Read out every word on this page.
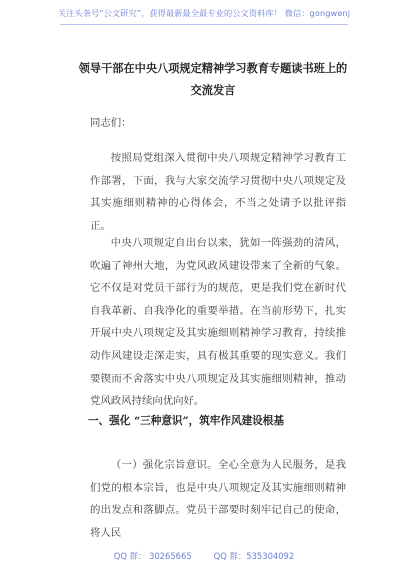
关注头条号“公文研究”，获得最新最全最专业的公文资料库！ 微信：gongwenj
领导干部在中央八项规定精神学习教育专题读书班上的交流发言
同志们：
按照局党组深入贯彻中央八项规定精神学习教育工作部署，下面，我与大家交流学习贯彻中央八项规定及其实施细则精神的心得体会，不当之处请予以批评指正。
中央八项规定自出台以来，犹如一阵强劲的清风，吹遍了神州大地，为党风政风建设带来了全新的气象。它不仅是对党员干部行为的规范，更是我们党在新时代自我革新、自我净化的重要举措。在当前形势下，扎实开展中央八项规定及其实施细则精神学习教育，持续推动作风建设走深走实，具有极其重要的现实意义。我们要锲而不舍落实中央八项规定及其实施细则精神，推动党风政风持续向优向好。
一、强化 “三种意识”，筑牢作风建设根基
（一）强化宗旨意识。全心全意为人民服务，是我们党的根本宗旨，也是中央八项规定及其实施细则精神的出发点和落脚点。党员干部要时刻牢记自己的使命，将人民
QQ 群： 30265665	QQ 群：535304092
